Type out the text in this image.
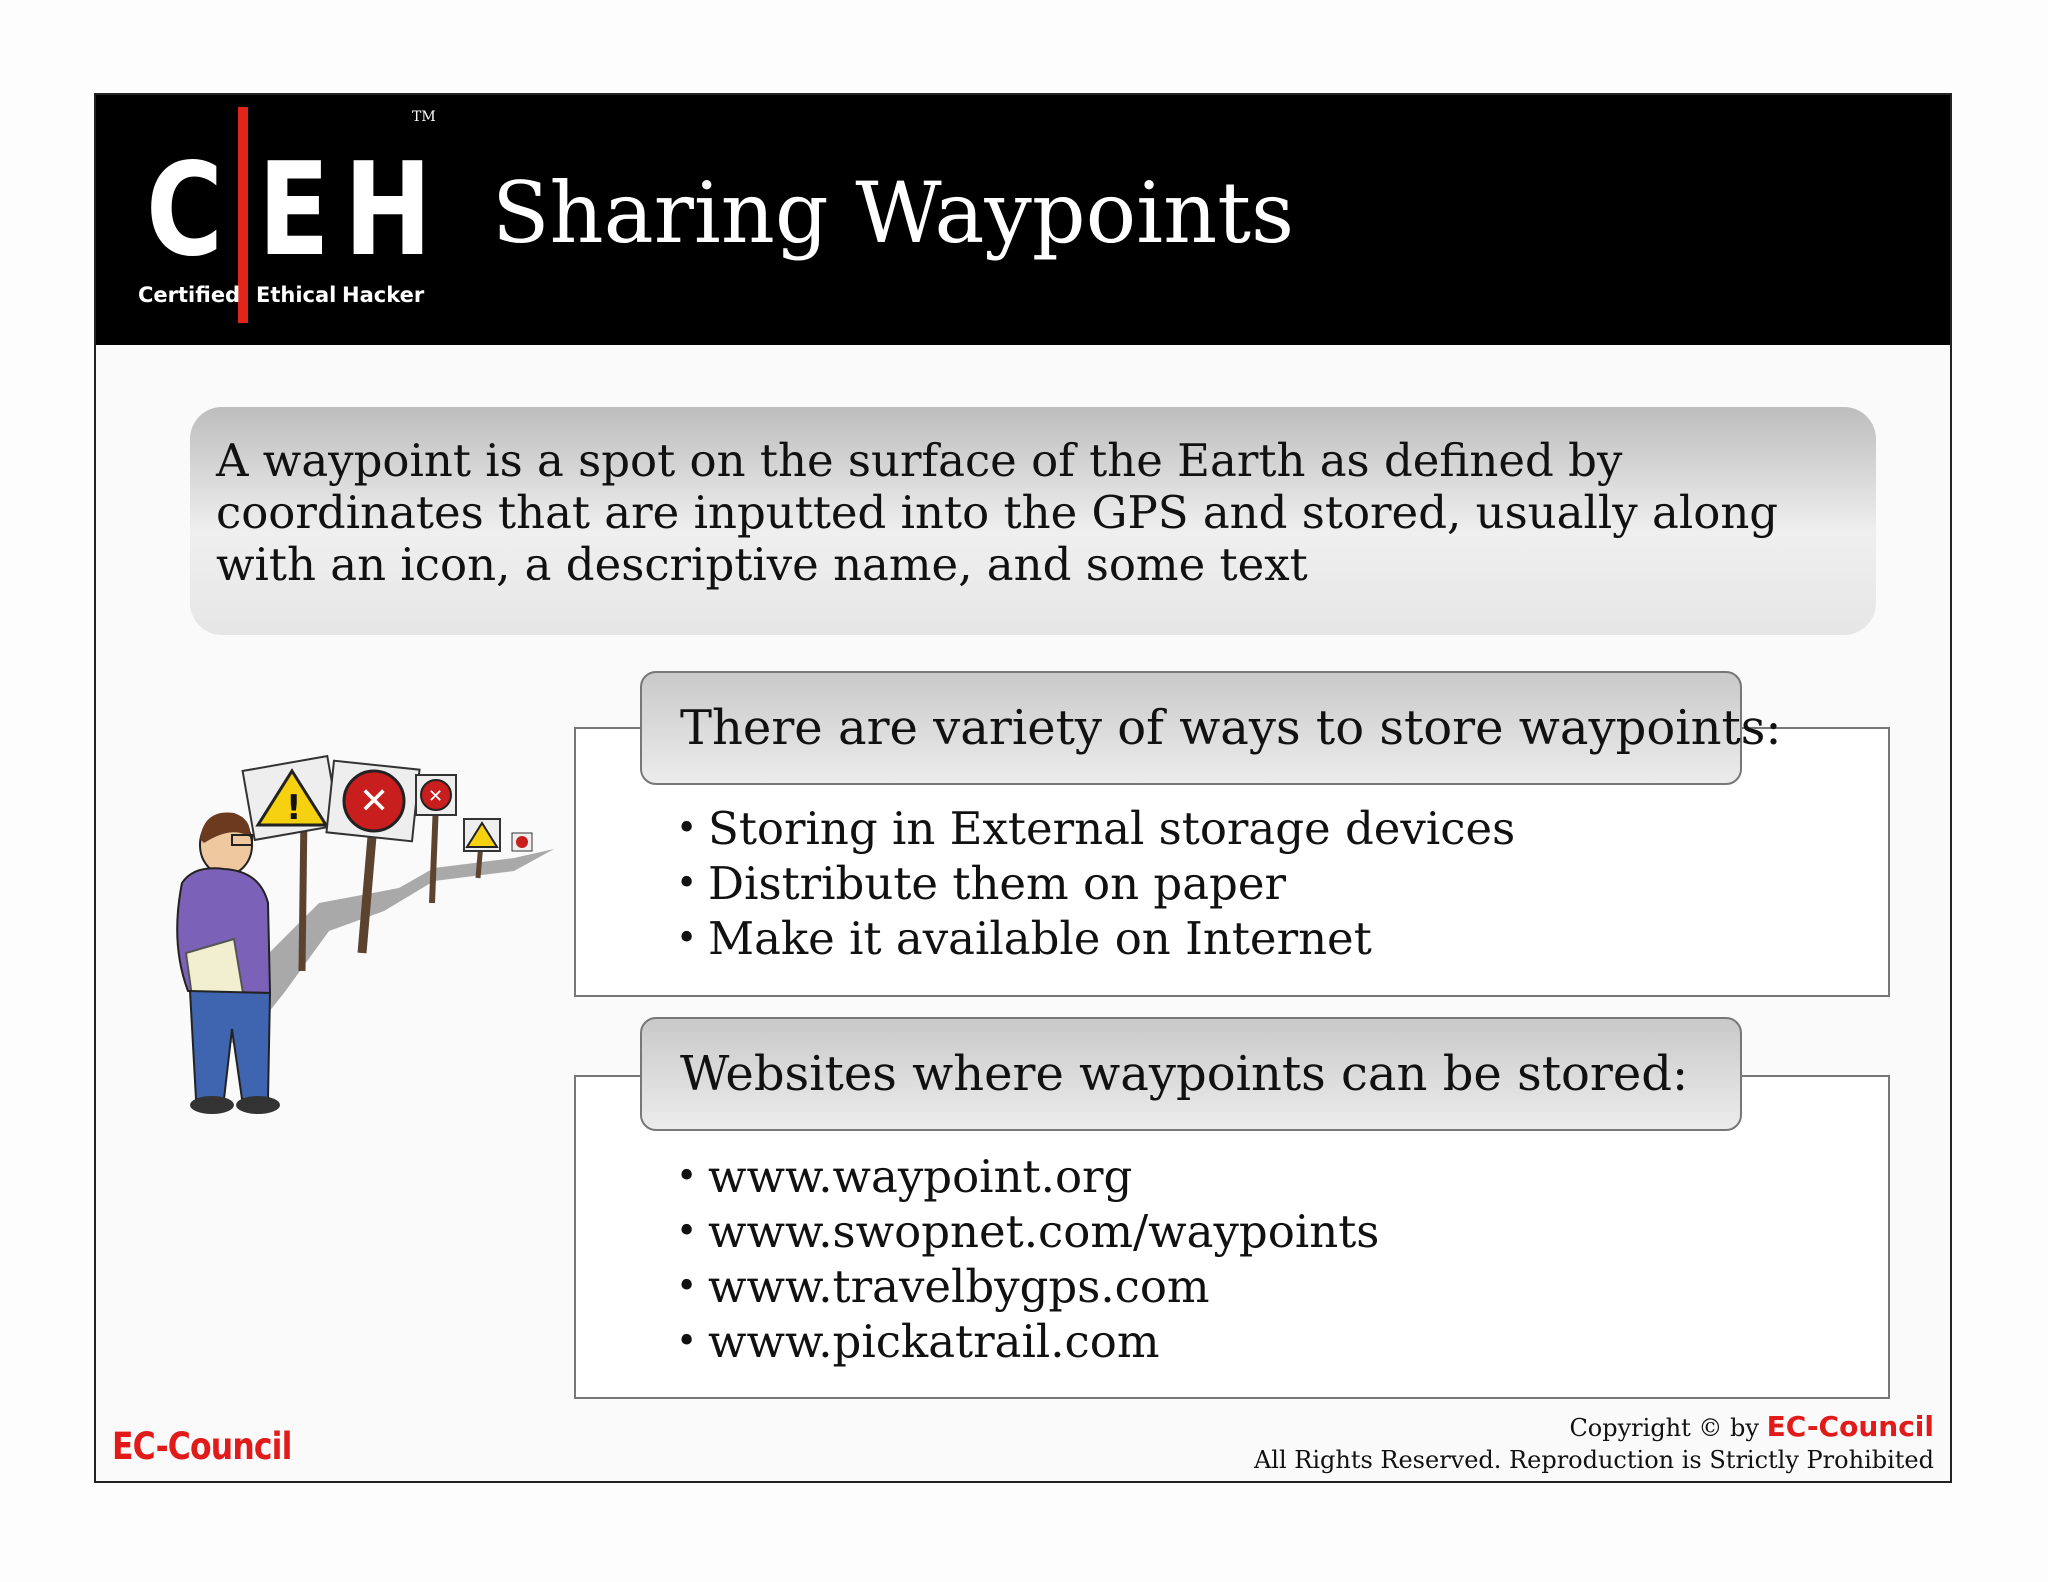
C E H
Certified Ethical Hacker
TM
Sharing Waypoints
A waypoint is a spot on the surface of the Earth as defined by coordinates that are inputted into the GPS and stored, usually along with an icon, a descriptive name, and some text
! ✕ ✕
There are variety of ways to store waypoints:
• Storing in External storage devices
• Distribute them on paper
• Make it available on Internet
Websites where waypoints can be stored:
• www.waypoint.org
• www.swopnet.com/waypoints
• www.travelbygps.com
• www.pickatrail.com
EC-Council	Copyright © by EC-Council
All Rights Reserved. Reproduction is Strictly Prohibited
